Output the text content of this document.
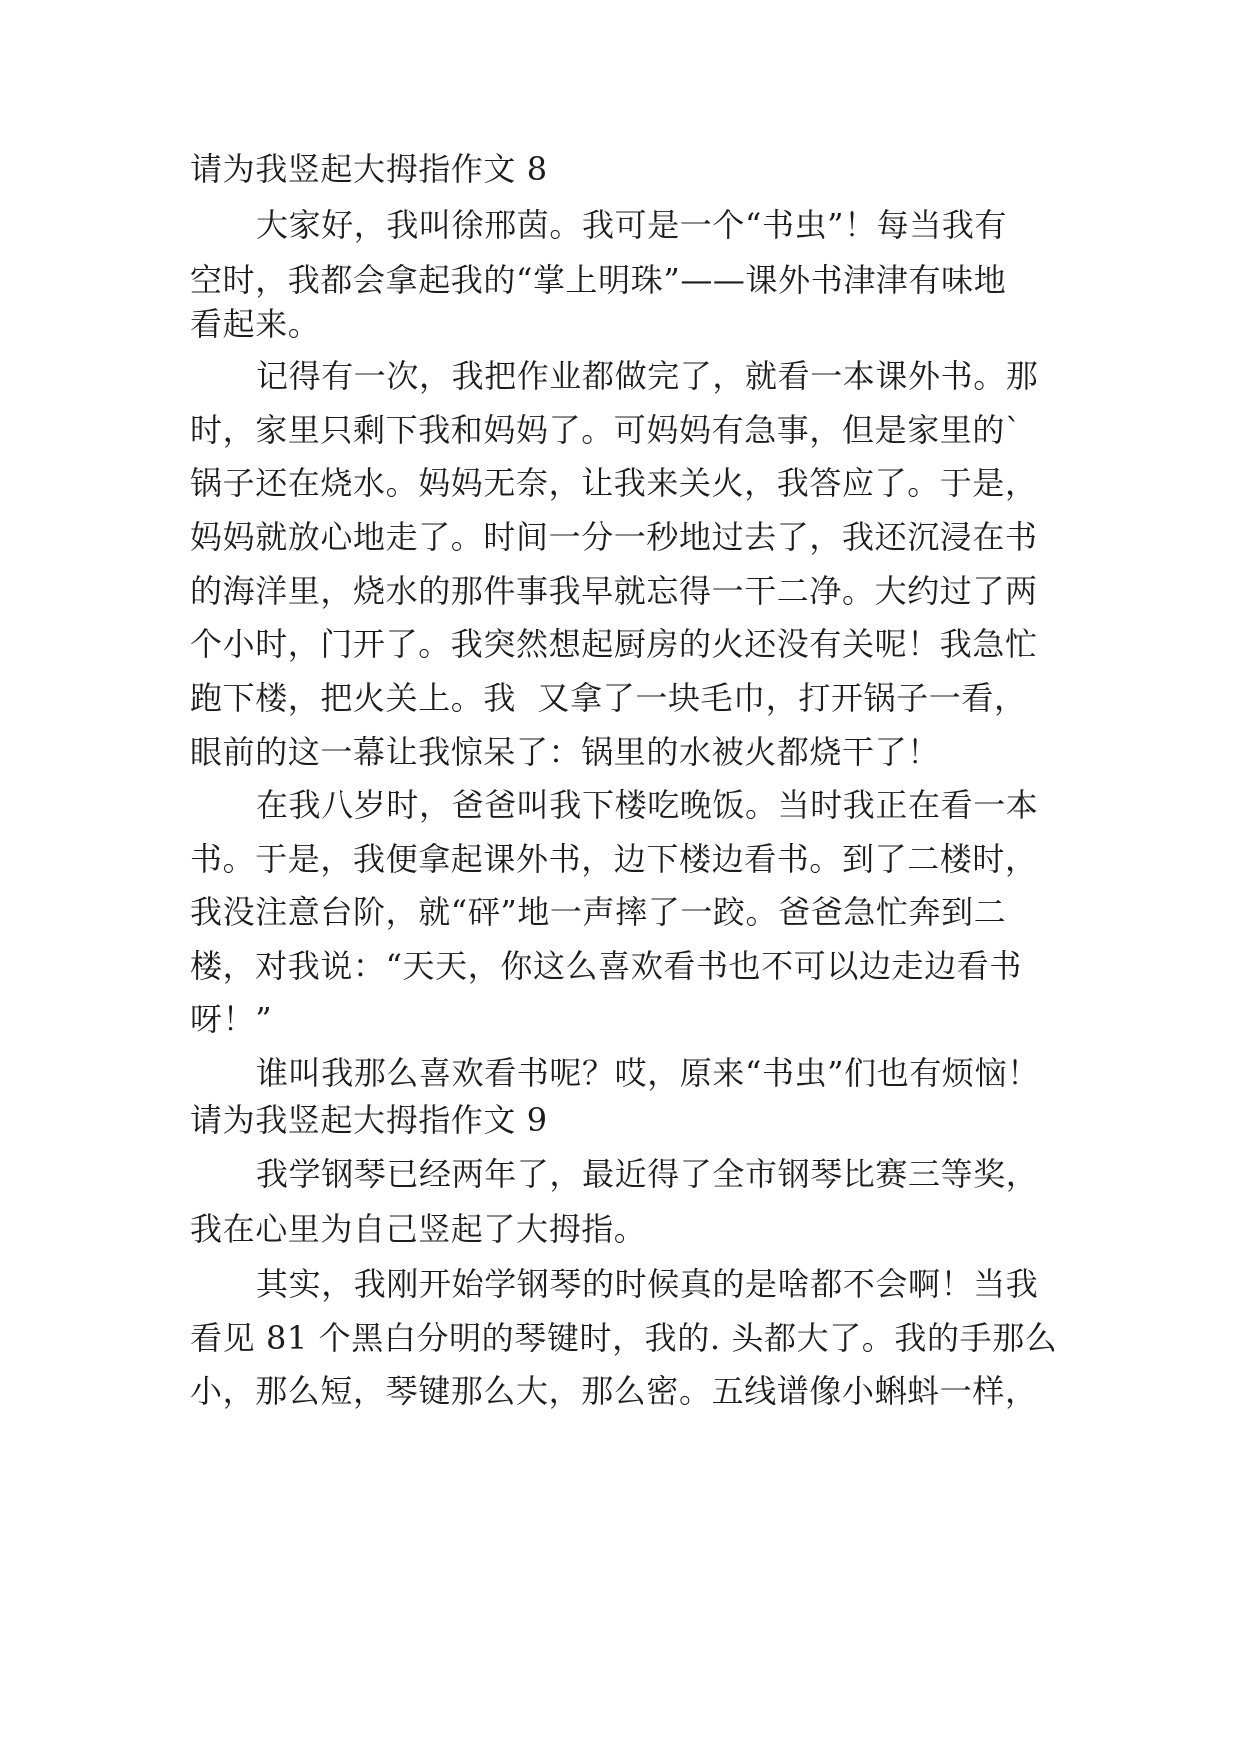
请为我竖起大拇指作文 8
大家好，我叫徐邢茵。我可是一个“书虫”！每当我有
空时，我都会拿起我的“掌上明珠”——课外书津津有味地
看起来。
记得有一次，我把作业都做完了，就看一本课外书。那
时，家里只剩下我和妈妈了。可妈妈有急事，但是家里的`
锅子还在烧水。妈妈无奈，让我来关火，我答应了。于是，
妈妈就放心地走了。时间一分一秒地过去了，我还沉浸在书
的海洋里，烧水的那件事我早就忘得一干二净。大约过了两
个小时，门开了。我突然想起厨房的火还没有关呢！我急忙
跑下楼，把火关上。我  又拿了一块毛巾，打开锅子一看，
眼前的这一幕让我惊呆了：锅里的水被火都烧干了！
在我八岁时，爸爸叫我下楼吃晚饭。当时我正在看一本
书。于是，我便拿起课外书，边下楼边看书。到了二楼时，
我没注意台阶，就“砰”地一声摔了一跤。爸爸急忙奔到二
楼，对我说：“天天，你这么喜欢看书也不可以边走边看书
呀！”
谁叫我那么喜欢看书呢？哎，原来“书虫”们也有烦恼！
请为我竖起大拇指作文 9
我学钢琴已经两年了，最近得了全市钢琴比赛三等奖，
我在心里为自己竖起了大拇指。
其实，我刚开始学钢琴的时候真的是啥都不会啊！当我
看见 81 个黑白分明的琴键时，我的. 头都大了。我的手那么
小，那么短，琴键那么大，那么密。五线谱像小蝌蚪一样，
